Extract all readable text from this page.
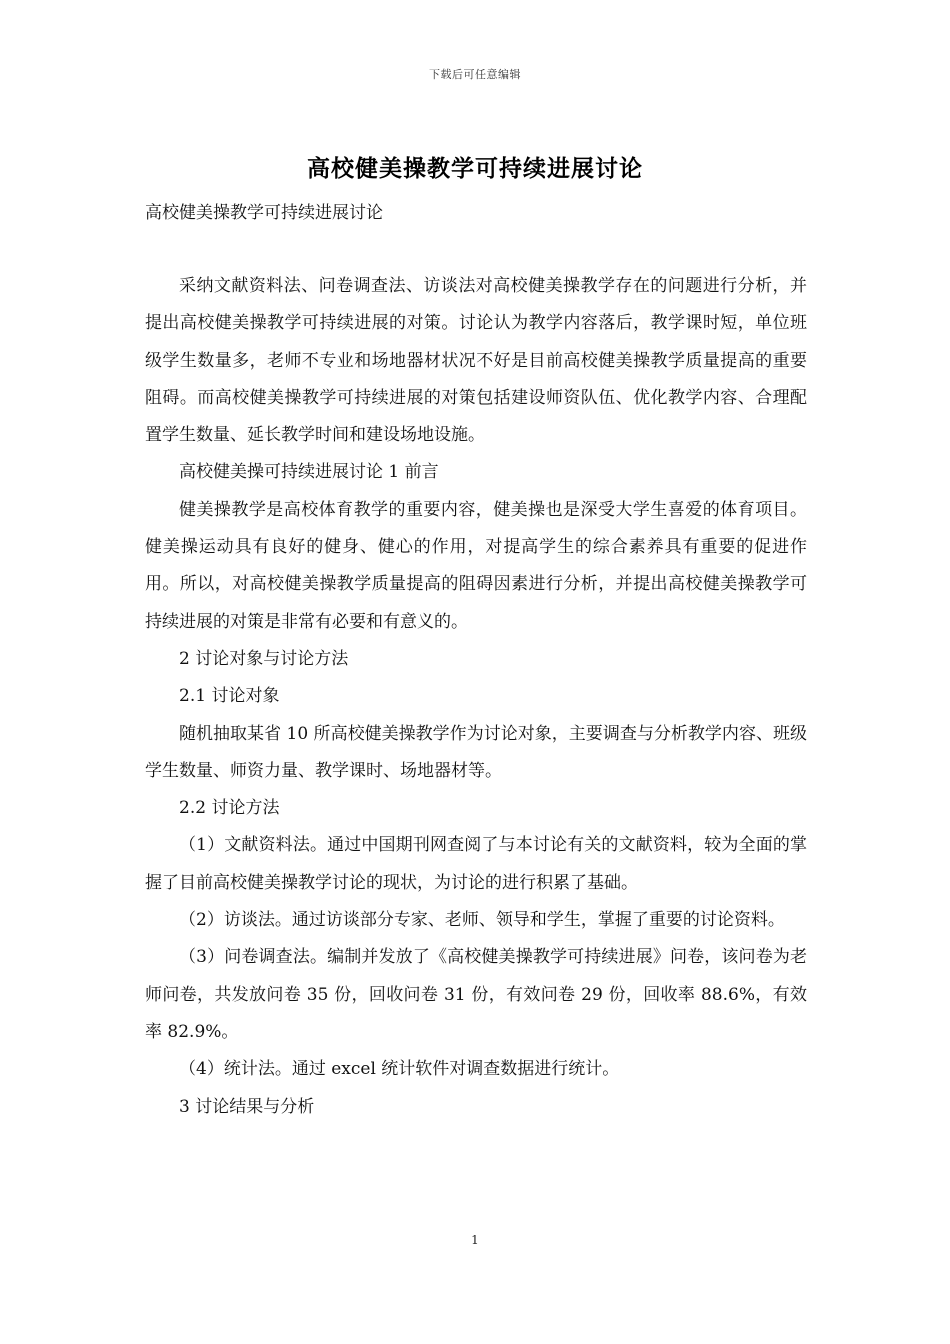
下载后可任意编辑
高校健美操教学可持续进展讨论
高校健美操教学可持续进展讨论

采纳文献资料法、问卷调查法、访谈法对高校健美操教学存在的问题进行分析，并提出高校健美操教学可持续进展的对策。讨论认为教学内容落后，教学课时短，单位班级学生数量多，老师不专业和场地器材状况不好是目前高校健美操教学质量提高的重要阻碍。而高校健美操教学可持续进展的对策包括建设师资队伍、优化教学内容、合理配置学生数量、延长教学时间和建设场地设施。

高校健美操可持续进展讨论 1 前言

健美操教学是高校体育教学的重要内容，健美操也是深受大学生喜爱的体育项目。健美操运动具有良好的健身、健心的作用，对提高学生的综合素养具有重要的促进作用。所以，对高校健美操教学质量提高的阻碍因素进行分析，并提出高校健美操教学可持续进展的对策是非常有必要和有意义的。

2 讨论对象与讨论方法

2.1 讨论对象

随机抽取某省 10 所高校健美操教学作为讨论对象，主要调查与分析教学内容、班级学生数量、师资力量、教学课时、场地器材等。

2.2 讨论方法

（1）文献资料法。通过中国期刊网查阅了与本讨论有关的文献资料，较为全面的掌握了目前高校健美操教学讨论的现状，为讨论的进行积累了基础。

（2）访谈法。通过访谈部分专家、老师、领导和学生，掌握了重要的讨论资料。

（3）问卷调查法。编制并发放了《高校健美操教学可持续进展》问卷，该问卷为老师问卷，共发放问卷 35 份，回收问卷 31 份，有效问卷 29 份，回收率 88.6%，有效率 82.9%。

（4）统计法。通过 excel 统计软件对调查数据进行统计。

3 讨论结果与分析

1
